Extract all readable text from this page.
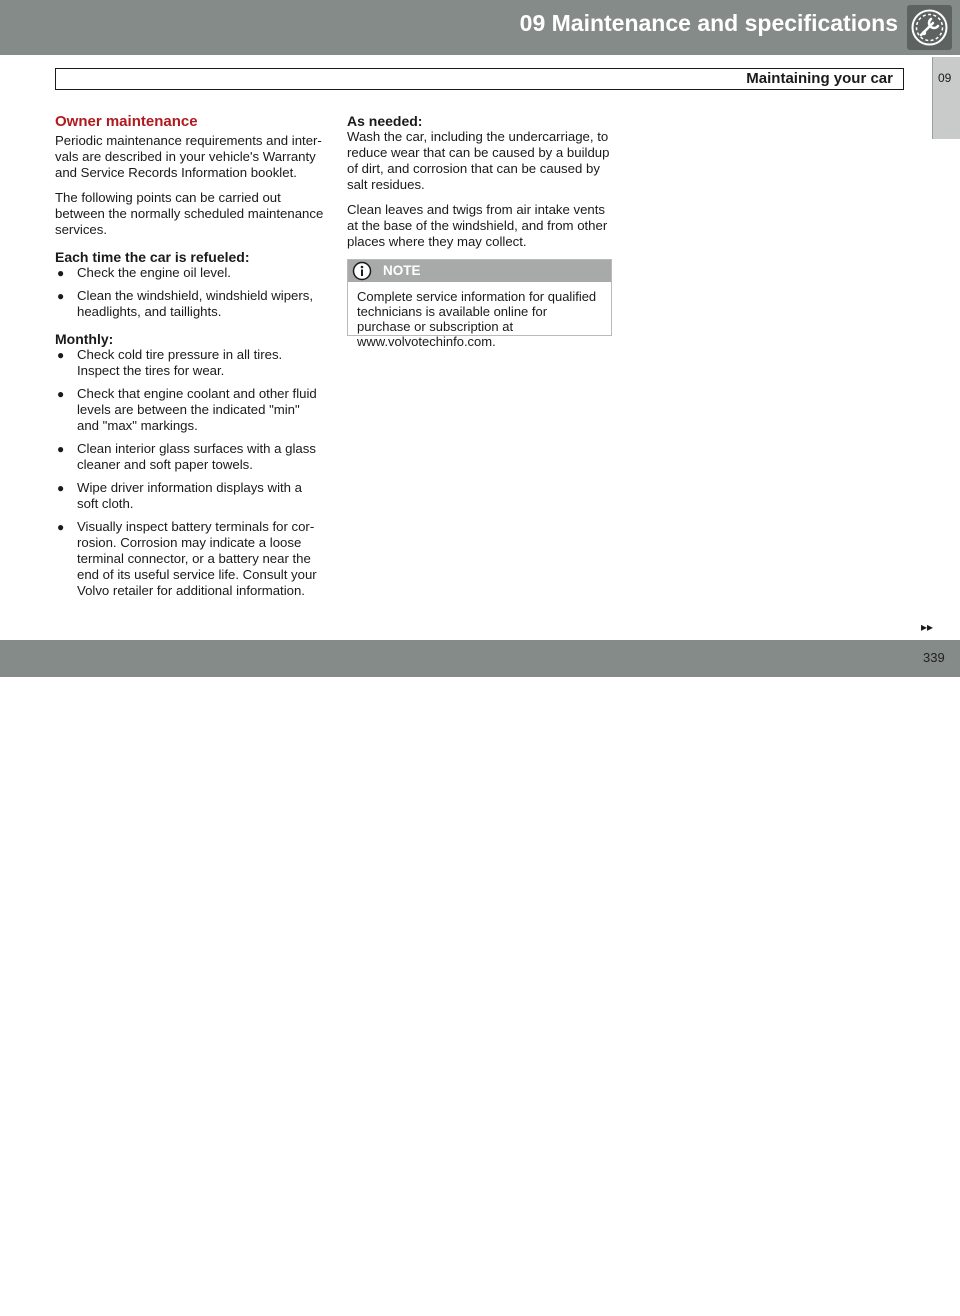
09 Maintenance and specifications
Maintaining your car	09
Owner maintenance

Periodic maintenance requirements and inter-vals are described in your vehicle's Warranty and Service Records Information booklet.

The following points can be carried out between the normally scheduled maintenance services.

Each time the car is refueled:
● Check the engine oil level.
● Clean the windshield, windshield wipers, headlights, and taillights.
Monthly:
● Check cold tire pressure in all tires. Inspect the tires for wear.
● Check that engine coolant and other fluid levels are between the indicated "min" and "max" markings.
● Clean interior glass surfaces with a glass cleaner and soft paper towels.
● Wipe driver information displays with a soft cloth.
● Visually inspect battery terminals for cor-rosion. Corrosion may indicate a loose terminal connector, or a battery near the end of its useful service life. Consult your Volvo retailer for additional information.
As needed:

Wash the car, including the undercarriage, to reduce wear that can be caused by a buildup of dirt, and corrosion that can be caused by salt residues.

Clean leaves and twigs from air intake vents at the base of the windshield, and from other places where they may collect.

NOTE
Complete service information for qualified technicians is available online for purchase or subscription at www.volvotechinfo.com.
▸▸
carmanualsonline.info
339
